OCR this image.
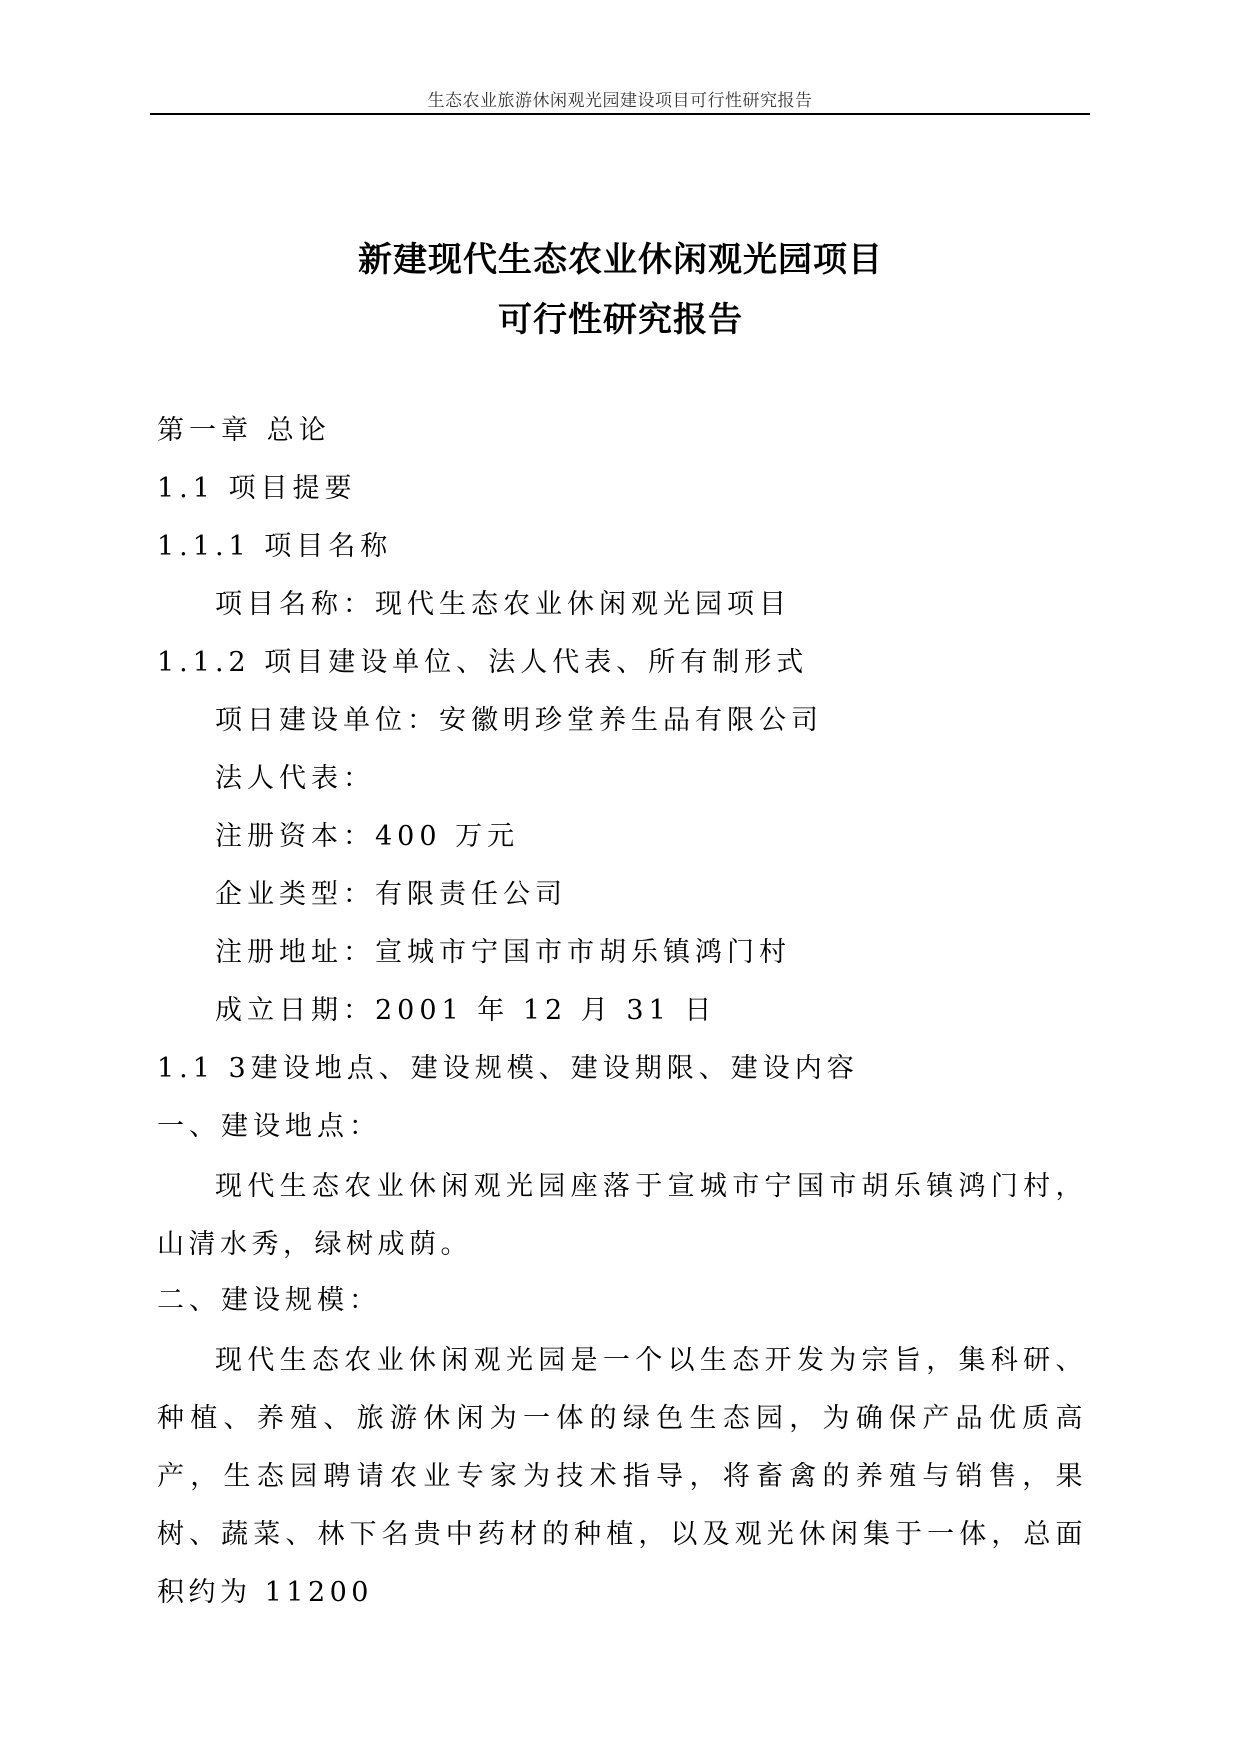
生态农业旅游休闲观光园建设项目可行性研究报告
新建现代生态农业休闲观光园项目
可行性研究报告
第一章 总论
1.1 项目提要
1.1.1 项目名称
项目名称：现代生态农业休闲观光园项目
1.1.2 项目建设单位、法人代表、所有制形式
项日建设单位：安徽明珍堂养生品有限公司
法人代表：
注册资本：400 万元
企业类型：有限责任公司
注册地址：宣城市宁国市市胡乐镇鸿门村
成立日期：2001 年 12 月 31 日
1.1 3建设地点、建设规模、建设期限、建设内容
一、建设地点：
现代生态农业休闲观光园座落于宣城市宁国市胡乐镇鸿门村，山清水秀，绿树成荫。
二、建设规模：
现代生态农业休闲观光园是一个以生态开发为宗旨，集科研、种植、养殖、旅游休闲为一体的绿色生态园，为确保产品优质高产，生态园聘请农业专家为技术指导，将畜禽的养殖与销售，果树、蔬菜、林下名贵中药材的种植，以及观光休闲集于一体，总面积约为 11200
